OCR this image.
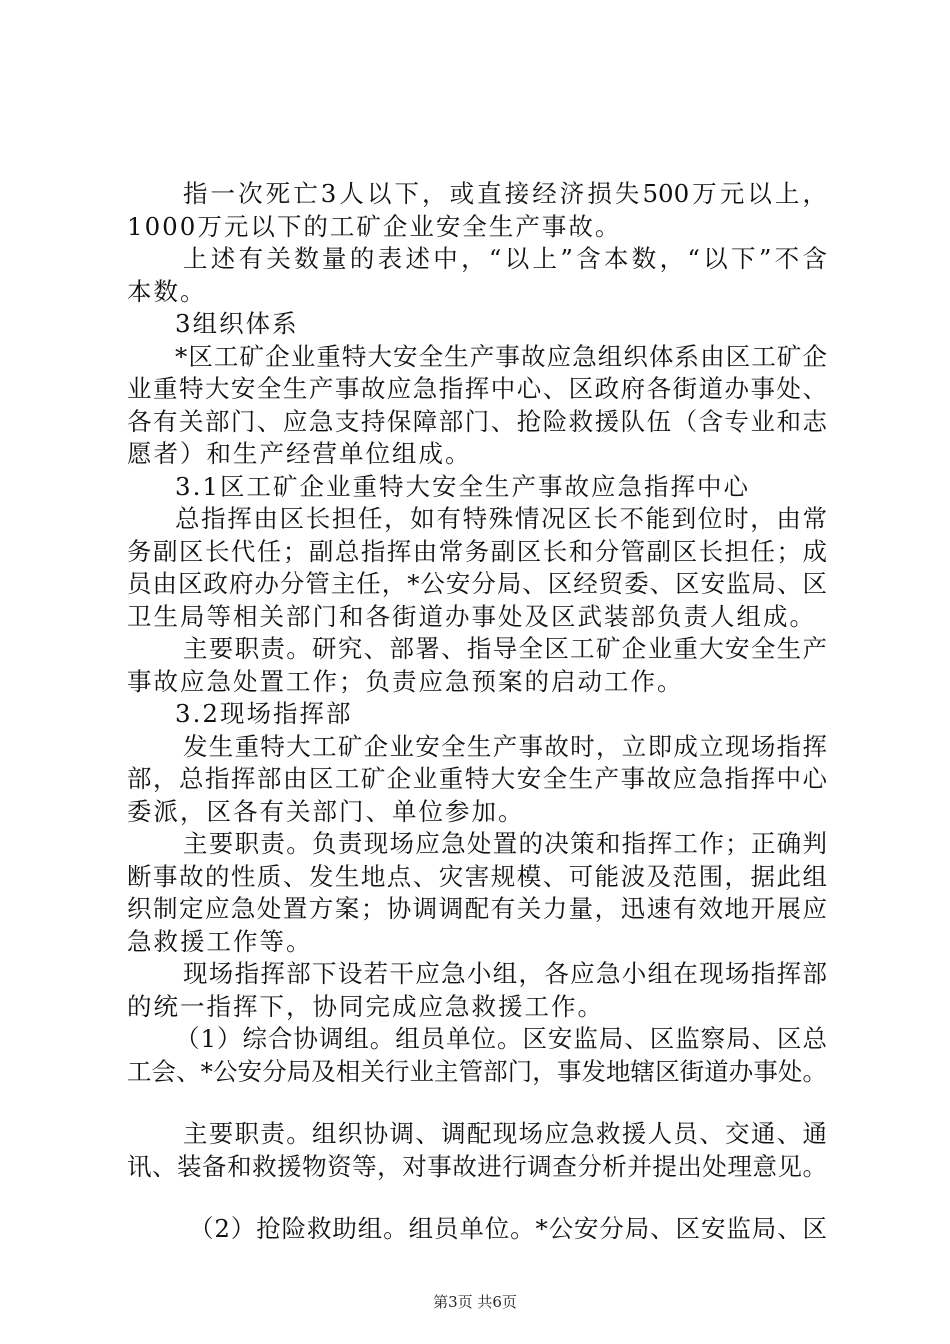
指一次死亡3人以下，或直接经济损失500万元以上，
1000万元以下的工矿企业安全生产事故。
上述有关数量的表述中，“以上”含本数，“以下”不含
本数。
3组织体系
*区工矿企业重特大安全生产事故应急组织体系由区工矿企
业重特大安全生产事故应急指挥中心、区政府各街道办事处、
各有关部门、应急支持保障部门、抢险救援队伍（含专业和志
愿者）和生产经营单位组成。
3.1区工矿企业重特大安全生产事故应急指挥中心
总指挥由区长担任，如有特殊情况区长不能到位时，由常
务副区长代任；副总指挥由常务副区长和分管副区长担任；成
员由区政府办分管主任，*公安分局、区经贸委、区安监局、区
卫生局等相关部门和各街道办事处及区武装部负责人组成。
主要职责。研究、部署、指导全区工矿企业重大安全生产
事故应急处置工作；负责应急预案的启动工作。
3.2现场指挥部
发生重特大工矿企业安全生产事故时，立即成立现场指挥
部，总指挥部由区工矿企业重特大安全生产事故应急指挥中心
委派，区各有关部门、单位参加。
主要职责。负责现场应急处置的决策和指挥工作；正确判
断事故的性质、发生地点、灾害规模、可能波及范围，据此组
织制定应急处置方案；协调调配有关力量，迅速有效地开展应
急救援工作等。
现场指挥部下设若干应急小组，各应急小组在现场指挥部
的统一指挥下，协同完成应急救援工作。
（1）综合协调组。组员单位。区安监局、区监察局、区总
工会、*公安分局及相关行业主管部门，事发地辖区街道办事处。
主要职责。组织协调、调配现场应急救援人员、交通、通
讯、装备和救援物资等，对事故进行调查分析并提出处理意见。
（2）抢险救助组。组员单位。*公安分局、区安监局、区
第3页 共6页
